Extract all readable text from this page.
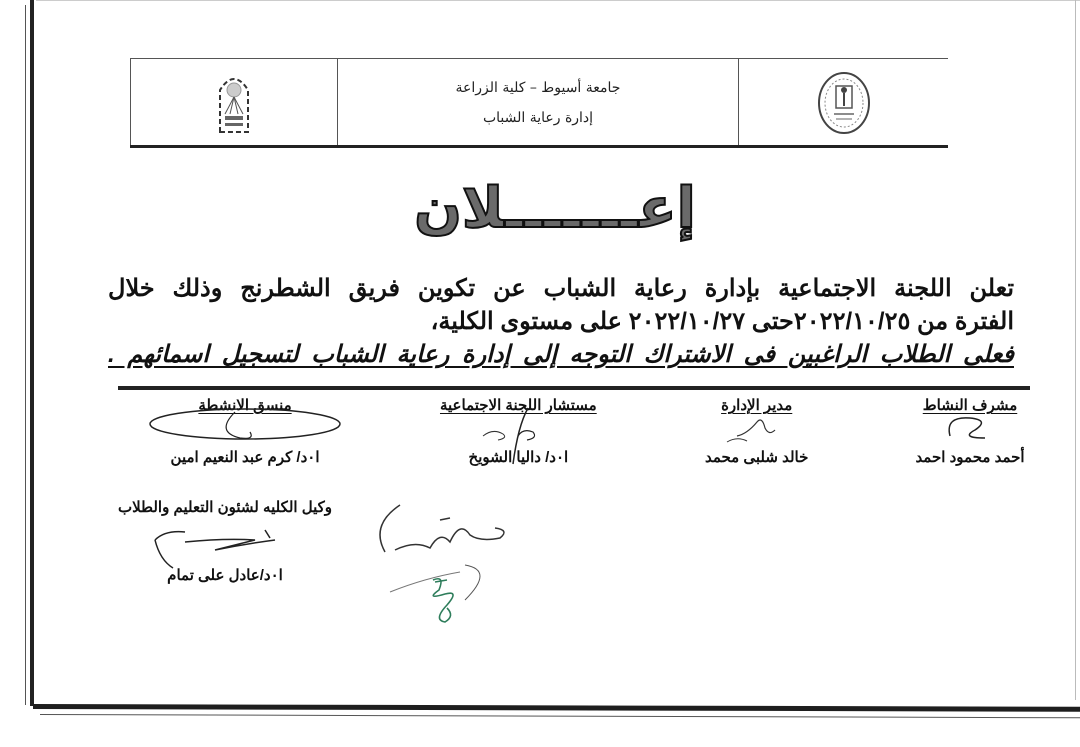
جامعة أسيوط – كلية الزراعة
إدارة رعاية الشباب
إعـــــــلان

تعلن اللجنة الاجتماعية بإدارة رعاية الشباب عن تكوين فريق الشطرنج وذلك خلال

الفترة من ٢٠٢٢/١٠/٢٥حتى ٢٠٢٢/١٠/٢٧ على مستوى الكلية،

فعلى الطلاب الراغبين فى الاشتراك التوجه إلى إدارة رعاية الشباب لتسجيل اسمائهم .

مشرف النشاط
أحمد محمود احمد
مدير الإدارة
خالد شلبى محمد
مستشار اللجنة الاجتماعية
ا٠د/ داليا الشويخ
منسق الانشطة
ا٠د/ كرم عبد النعيم امين
وكيل الكليه لشئون التعليم والطلاب
ا٠د/عادل على تمام
